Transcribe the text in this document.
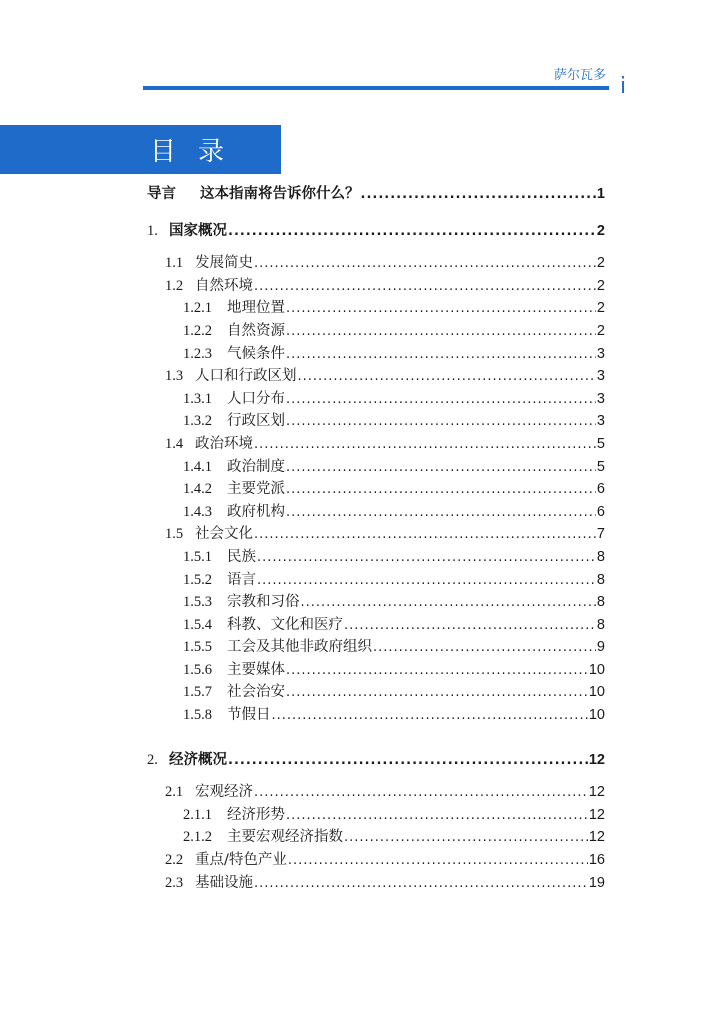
萨尔瓦多 i
目录
导言 这本指南将告诉你什么？ .....	1
1. 国家概况 .....	2
1.1 发展简史 .....	2
1.2 自然环境 .....	2
1.2.1 地理位置 .....	2
1.2.2 自然资源 .....	2
1.2.3 气候条件 .....	3
1.3 人口和行政区划 .....	3
1.3.1 人口分布 .....	3
1.3.2 行政区划 .....	3
1.4 政治环境 .....	5
1.4.1 政治制度 .....	5
1.4.2 主要党派 .....	6
1.4.3 政府机构 .....	6
1.5 社会文化 .....	7
1.5.1 民族 .....	8
1.5.2 语言 .....	8
1.5.3 宗教和习俗 .....	8
1.5.4 科教、文化和医疗 .....	8
1.5.5 工会及其他非政府组织 .....	9
1.5.6 主要媒体 .....	10
1.5.7 社会治安 .....	10
1.5.8 节假日 .....	10
2. 经济概况 .....	12
2.1 宏观经济 .....	12
2.1.1 经济形势 .....	12
2.1.2 主要宏观经济指数 .....	12
2.2 重点/特色产业 .....	16
2.3 基础设施 .....	19
